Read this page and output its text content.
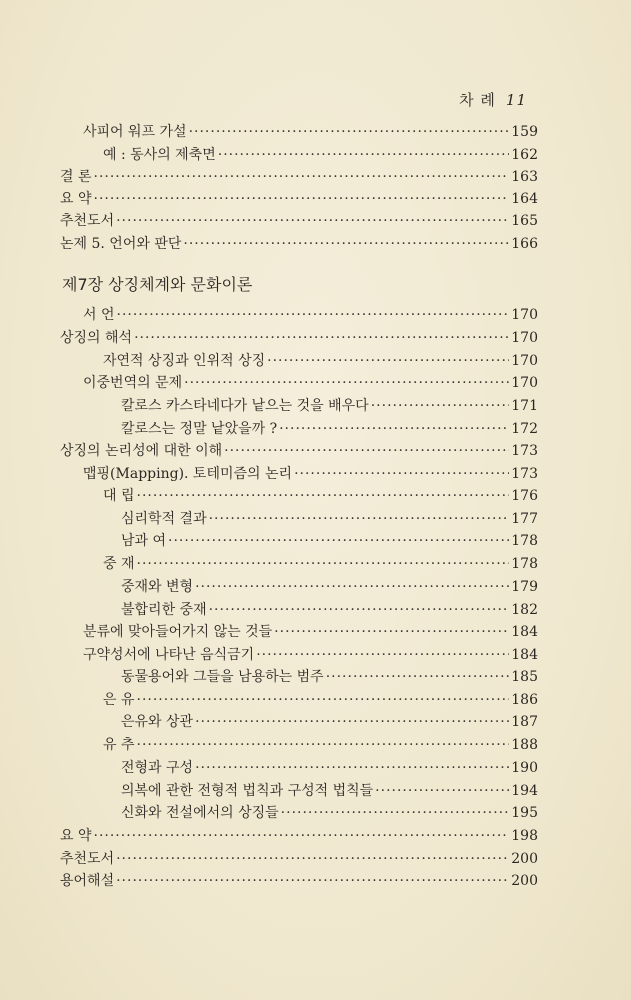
차 례 11
사피어 워프 가설 ·····	159
예 : 동사의 제축면 ·····	162
결 론 ·····	163
요 약 ·····	164
추천도서 ·····	165
논제 5. 언어와 판단 ·····	166
제7장 상징체계와 문화이론
서 언 ·····	170
상징의 해석 ·····	170
자연적 상징과 인위적 상징 ·····	170
이중번역의 문제 ·····	170
칼로스 카스타네다가 낱으는 것을 배우다 ·····	171
칼로스는 정말 낱았을까 ? ·····	172
상징의 논리성에 대한 이해 ·····	173
맵핑(Mapping). 토테미즘의 논리 ·····	173
대 립 ·····	176
심리학적 결과 ·····	177
남과 여 ·····	178
중 재 ·····	178
중재와 변형 ·····	179
불합리한 중재 ·····	182
분류에 맞아들어가지 않는 것들 ·····	184
구약성서에 나타난 음식금기 ·····	184
동물용어와 그들을 남용하는 범주 ·····	185
은 유 ·····	186
은유와 상관 ·····	187
유 추 ·····	188
전형과 구성 ·····	190
의복에 관한 전형적 법칙과 구성적 법칙들 ·····	194
신화와 전설에서의 상징들 ·····	195
요 약 ·····	198
추천도서 ·····	200
용어해설 ·····	200
